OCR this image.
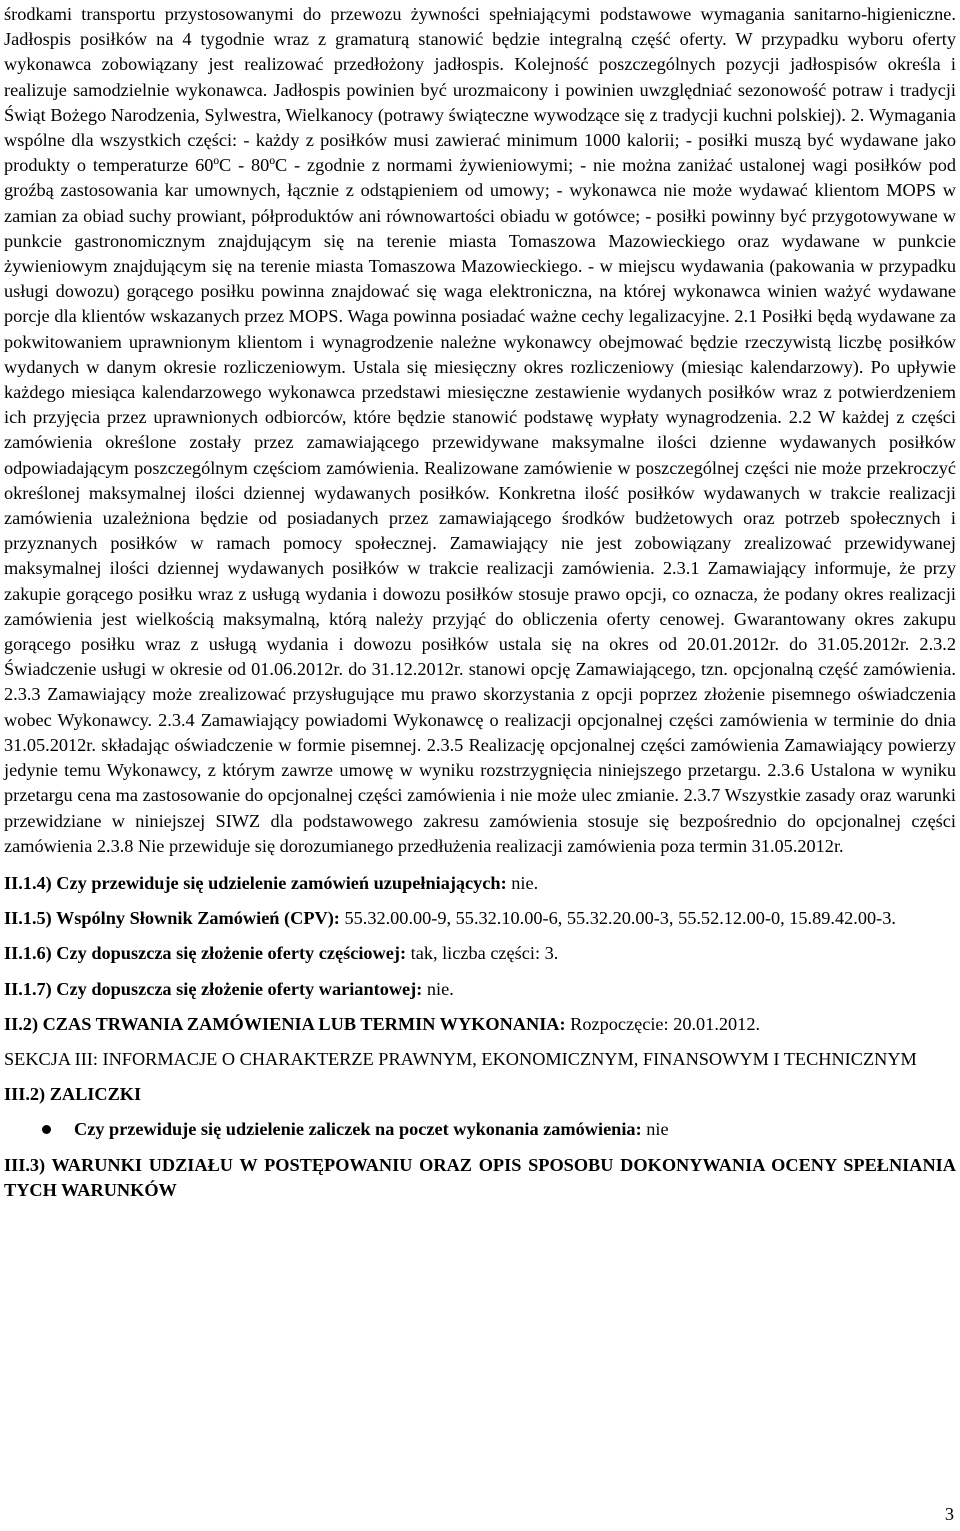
środkami transportu przystosowanymi do przewozu żywności spełniającymi podstawowe wymagania sanitarno-higieniczne. Jadłospis posiłków na 4 tygodnie wraz z gramaturą stanowić będzie integralną część oferty. W przypadku wyboru oferty wykonawca zobowiązany jest realizować przedłożony jadłospis. Kolejność poszczególnych pozycji jadłospisów określa i realizuje samodzielnie wykonawca. Jadłospis powinien być urozmaicony i powinien uwzględniać sezonowość potraw i tradycji Świąt Bożego Narodzenia, Sylwestra, Wielkanocy (potrawy świąteczne wywodzące się z tradycji kuchni polskiej). 2. Wymagania wspólne dla wszystkich części: - każdy z posiłków musi zawierać minimum 1000 kalorii; - posiłki muszą być wydawane jako produkty o temperaturze 60ºC - 80ºC - zgodnie z normami żywieniowymi; - nie można zaniżać ustalonej wagi posiłków pod groźbą zastosowania kar umownych, łącznie z odstąpieniem od umowy; - wykonawca nie może wydawać klientom MOPS w zamian za obiad suchy prowiant, półproduktów ani równowartości obiadu w gotówce; - posiłki powinny być przygotowywane w punkcie gastronomicznym znajdującym się na terenie miasta Tomaszowa Mazowieckiego oraz wydawane w punkcie żywieniowym znajdującym się na terenie miasta Tomaszowa Mazowieckiego. - w miejscu wydawania (pakowania w przypadku usługi dowozu) gorącego posiłku powinna znajdować się waga elektroniczna, na której wykonawca winien ważyć wydawane porcje dla klientów wskazanych przez MOPS. Waga powinna posiadać ważne cechy legalizacyjne. 2.1 Posiłki będą wydawane za pokwitowaniem uprawnionym klientom i wynagrodzenie należne wykonawcy obejmować będzie rzeczywistą liczbę posiłków wydanych w danym okresie rozliczeniowym. Ustala się miesięczny okres rozliczeniowy (miesiąc kalendarzowy). Po upływie każdego miesiąca kalendarzowego wykonawca przedstawi miesięczne zestawienie wydanych posiłków wraz z potwierdzeniem ich przyjęcia przez uprawnionych odbiorców, które będzie stanowić podstawę wypłaty wynagrodzenia. 2.2 W każdej z części zamówienia określone zostały przez zamawiającego przewidywane maksymalne ilości dzienne wydawanych posiłków odpowiadającym poszczególnym częściom zamówienia. Realizowane zamówienie w poszczególnej części nie może przekroczyć określonej maksymalnej ilości dziennej wydawanych posiłków. Konkretna ilość posiłków wydawanych w trakcie realizacji zamówienia uzależniona będzie od posiadanych przez zamawiającego środków budżetowych oraz potrzeb społecznych i przyznanych posiłków w ramach pomocy społecznej. Zamawiający nie jest zobowiązany zrealizować przewidywanej maksymalnej ilości dziennej wydawanych posiłków w trakcie realizacji zamówienia. 2.3.1 Zamawiający informuje, że przy zakupie gorącego posiłku wraz z usługą wydania i dowozu posiłków stosuje prawo opcji, co oznacza, że podany okres realizacji zamówienia jest wielkością maksymalną, którą należy przyjąć do obliczenia oferty cenowej. Gwarantowany okres zakupu gorącego posiłku wraz z usługą wydania i dowozu posiłków ustala się na okres od 20.01.2012r. do 31.05.2012r. 2.3.2 Świadczenie usługi w okresie od 01.06.2012r. do 31.12.2012r. stanowi opcję Zamawiającego, tzn. opcjonalną część zamówienia. 2.3.3 Zamawiający może zrealizować przysługujące mu prawo skorzystania z opcji poprzez złożenie pisemnego oświadczenia wobec Wykonawcy. 2.3.4 Zamawiający powiadomi Wykonawcę o realizacji opcjonalnej części zamówienia w terminie do dnia 31.05.2012r. składając oświadczenie w formie pisemnej. 2.3.5 Realizację opcjonalnej części zamówienia Zamawiający powierzy jedynie temu Wykonawcy, z którym zawrze umowę w wyniku rozstrzygnięcia niniejszego przetargu. 2.3.6 Ustalona w wyniku przetargu cena ma zastosowanie do opcjonalnej części zamówienia i nie może ulec zmianie. 2.3.7 Wszystkie zasady oraz warunki przewidziane w niniejszej SIWZ dla podstawowego zakresu zamówienia stosuje się bezpośrednio do opcjonalnej części zamówienia 2.3.8 Nie przewiduje się dorozumianego przedłużenia realizacji zamówienia poza termin 31.05.2012r.

II.1.4) Czy przewiduje się udzielenie zamówień uzupełniających: nie.

II.1.5) Wspólny Słownik Zamówień (CPV): 55.32.00.00-9, 55.32.10.00-6, 55.32.20.00-3, 55.52.12.00-0, 15.89.42.00-3.

II.1.6) Czy dopuszcza się złożenie oferty częściowej: tak, liczba części: 3.

II.1.7) Czy dopuszcza się złożenie oferty wariantowej: nie.

II.2) CZAS TRWANIA ZAMÓWIENIA LUB TERMIN WYKONANIA: Rozpoczęcie: 20.01.2012.

SEKCJA III: INFORMACJE O CHARAKTERZE PRAWNYM, EKONOMICZNYM, FINANSOWYM I TECHNICZNYM

III.2) ZALICZKI

Czy przewiduje się udzielenie zaliczek na poczet wykonania zamówienia: nie

III.3) WARUNKI UDZIAŁU W POSTĘPOWANIU ORAZ OPIS SPOSOBU DOKONYWANIA OCENY SPEŁNIANIA TYCH WARUNKÓW

3
